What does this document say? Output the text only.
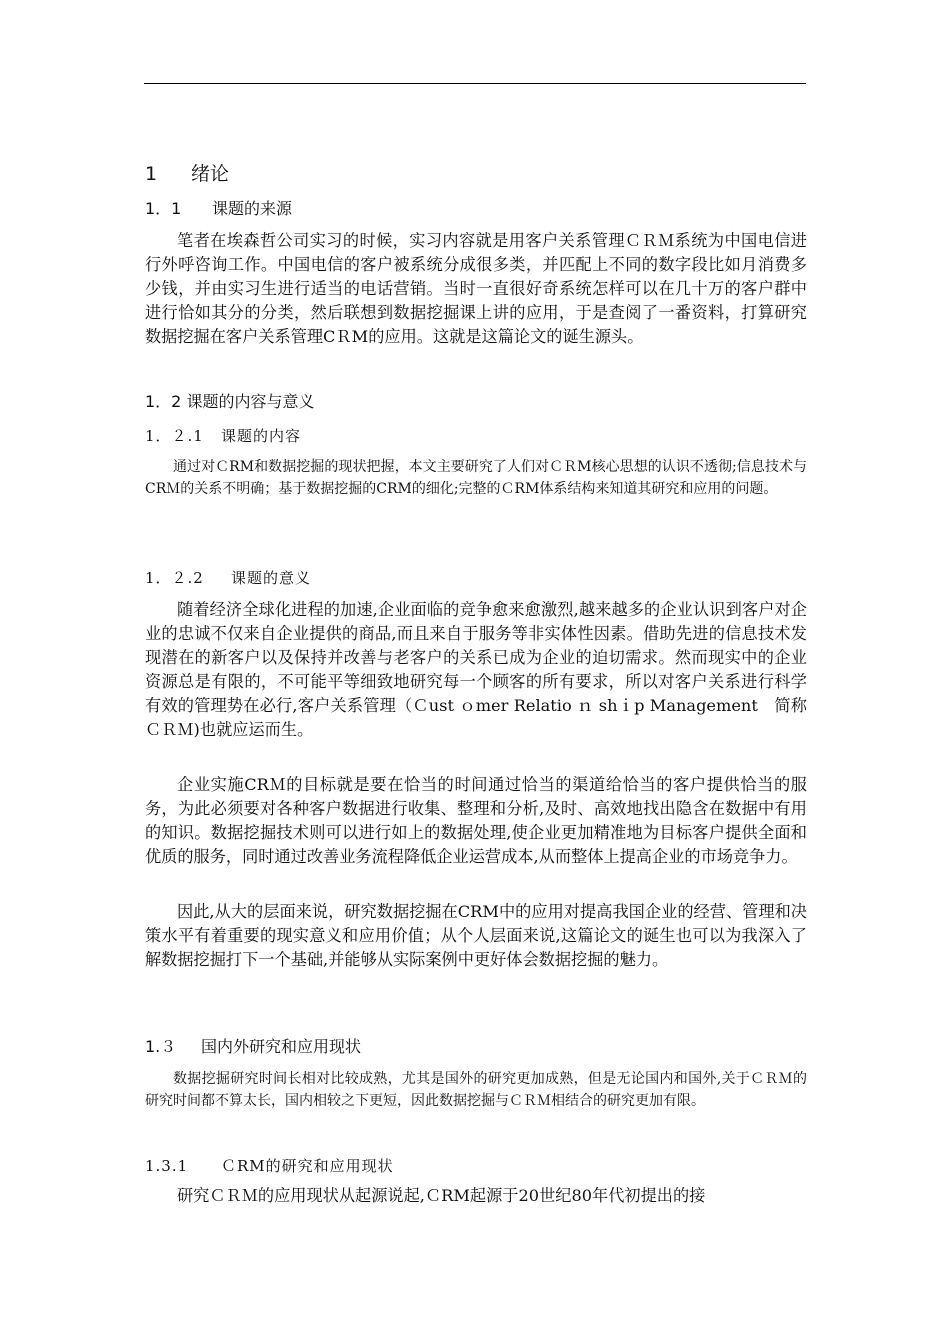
1 绪论
1．1 课题的来源

笔者在埃森哲公司实习的时候，实习内容就是用客户关系管理ＣＲＭ系统为中国电信进行外呼咨询工作。中国电信的客户被系统分成很多类，并匹配上不同的数字段比如月消费多少钱，并由实习生进行适当的电话营销。当时一直很好奇系统怎样可以在几十万的客户群中进行恰如其分的分类，然后联想到数据挖掘课上讲的应用，于是查阅了一番资料，打算研究数据挖掘在客户关系管理CＲM的应用。这就是这篇论文的诞生源头。

1．2 课题的内容与意义
1．２.1 课题的内容

通过对ＣRM和数据挖掘的现状把握，本文主要研究了人们对ＣＲM核心思想的认识不透彻;信息技术与CRＭ的关系不明确；基于数据挖掘的CRM的细化;完整的ＣRM体系结构来知道其研究和应用的问题。

1．２.2 课题的意义

随着经济全球化进程的加速,企业面临的竞争愈来愈激烈,越来越多的企业认识到客户对企业的忠诚不仅来自企业提供的商品,而且来自于服务等非实体性因素。借助先进的信息技术发现潜在的新客户以及保持并改善与老客户的关系已成为企业的迫切需求。然而现实中的企业资源总是有限的，不可能平等细致地研究每一个顾客的所有要求，所以对客户关系进行科学有效的管理势在必行,客户关系管理（Ｃust ｏmer Relatio ｎ shｉp Management　简称ＣＲＭ)也就应运而生。

企业实施CRＭ的目标就是要在恰当的时间通过恰当的渠道给恰当的客户提供恰当的服务，为此必须要对各种客户数据进行收集、整理和分析,及时、高效地找出隐含在数据中有用的知识。数据挖掘技术则可以进行如上的数据处理,使企业更加精准地为目标客户提供全面和优质的服务，同时通过改善业务流程降低企业运营成本,从而整体上提高企业的市场竞争力。

因此,从大的层面来说，研究数据挖掘在CRM中的应用对提高我国企业的经营、管理和决策水平有着重要的现实意义和应用价值；从个人层面来说,这篇论文的诞生也可以为我深入了解数据挖掘打下一个基础,并能够从实际案例中更好体会数据挖掘的魅力。

1.３ 国内外研究和应用现状

数据挖掘研究时间长相对比较成熟，尤其是国外的研究更加成熟，但是无论国内和国外,关于ＣＲＭ的研究时间都不算太长，国内相较之下更短，因此数据挖掘与ＣＲＭ相结合的研究更加有限。

1.3.1 ＣRM的研究和应用现状

研究ＣＲＭ的应用现状从起源说起,ＣRM起源于20世纪80年代初提出的接
